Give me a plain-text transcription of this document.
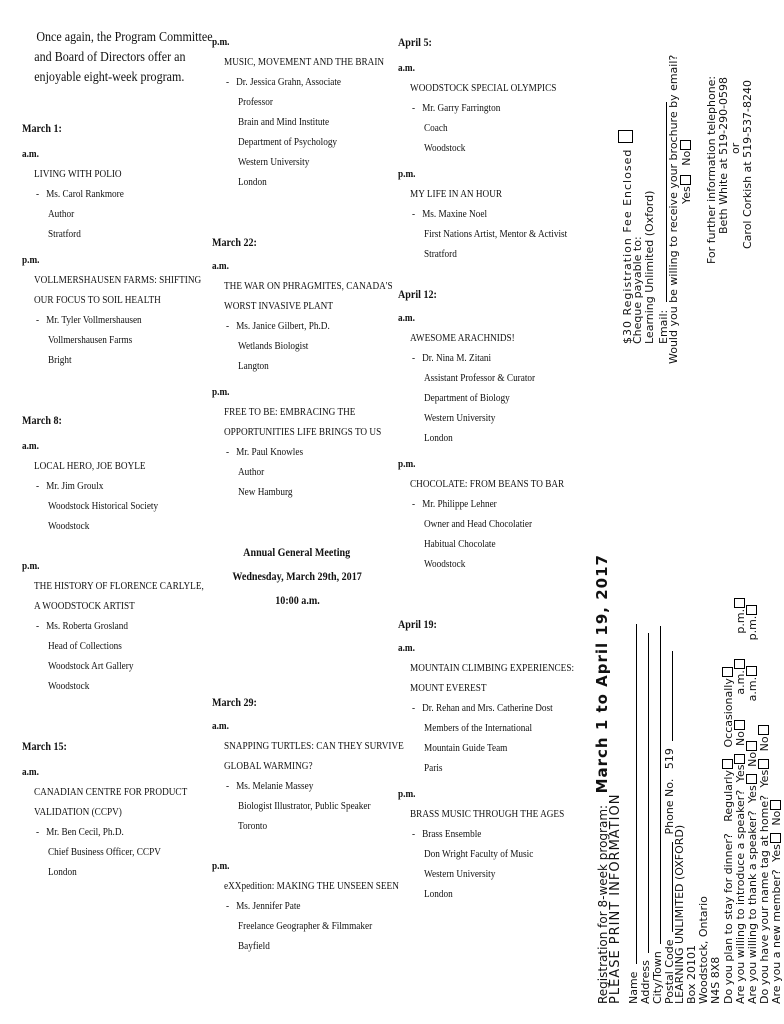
Once again, the Program Committee
and Board of Directors offer an
enjoyable eight-week program.
March 1:
a.m.
LIVING WITH POLIO
- Ms. Carol Rankmore
Author
Stratford
p.m.
VOLLMERSHAUSEN FARMS: SHIFTING
OUR FOCUS TO SOIL HEALTH
- Mr. Tyler Vollmershausen
Vollmershausen Farms
Bright
March 8:
a.m.
LOCAL HERO, JOE BOYLE
- Mr. Jim Groulx
Woodstock Historical Society
Woodstock
p.m.
THE HISTORY OF FLORENCE CARLYLE,
A WOODSTOCK ARTIST
- Ms. Roberta Grosland
Head of Collections
Woodstock Art Gallery
Woodstock
March 15:
a.m.
CANADIAN CENTRE FOR PRODUCT
VALIDATION (CCPV)
- Mr. Ben Cecil, Ph.D.
Chief Business Officer, CCPV
London
p.m.
MUSIC, MOVEMENT AND THE BRAIN
- Dr. Jessica Grahn, Associate
Professor
Brain and Mind Institute
Department of Psychology
Western University
London
March 22:
a.m.
THE WAR ON PHRAGMITES, CANADA'S
WORST INVASIVE PLANT
- Ms. Janice Gilbert, Ph.D.
Wetlands Biologist
Langton
p.m.
FREE TO BE: EMBRACING THE
OPPORTUNITIES LIFE BRINGS TO US
- Mr. Paul Knowles
Author
New Hamburg
Annual General Meeting
Wednesday, March 29th, 2017
10:00 a.m.
March 29:
a.m.
SNAPPING TURTLES: CAN THEY SURVIVE
GLOBAL WARMING?
- Ms. Melanie Massey
Biologist Illustrator, Public Speaker
Toronto
p.m.
eXXpedition: MAKING THE UNSEEN SEEN
- Ms. Jennifer Pate
Freelance Geographer & Filmmaker
Bayfield
April 5:
a.m.
WOODSTOCK SPECIAL OLYMPICS
- Mr. Garry Farrington
Coach
Woodstock
p.m.
MY LIFE IN AN HOUR
- Ms. Maxine Noel
First Nations Artist, Mentor & Activist
Stratford
April 12:
a.m.
AWESOME ARACHNIDS!
- Dr. Nina M. Zitani
Assistant Professor & Curator
Department of Biology
Western University
London
p.m.
CHOCOLATE: FROM BEANS TO BAR
- Mr. Philippe Lehner
Owner and Head Chocolatier
Habitual Chocolate
Woodstock
April 19:
a.m.
MOUNTAIN CLIMBING EXPERIENCES:
MOUNT EVEREST
- Dr. Rehan and Mrs. Catherine Dost
Members of the International
Mountain Guide Team
Paris
p.m.
BRASS MUSIC THROUGH THE AGES
- Brass Ensemble
Don Wright Faculty of Music
Western University
London	Registration for 8-week program: March 1 to April 19, 2017
PLEASE PRINT INFORMATION Name Address City/Town Postal Code  Phone No. 519
LEARNING UNLIMITED (OXFORD) Box 20101 Woodstock, Ontario N4S 8X8 Do you plan to stay for dinner? Regularly Occasionally
Are you willing to introduce a speaker? Yes No a.m. p.m.
Are you willing to thank a speaker? Yes No a.m. p.m.
Do you have your name tag at home? Yes No
Are you a new member? Yes No
$30 Registration Fee Enclosed
Cheque payable to: Learning Unlimited (Oxford) Email:
Would you be willing to receive your brochure by email? Yes No For further information telephone: Beth White at 519-290-0598 or Carol Corkish at 519-537-8240
